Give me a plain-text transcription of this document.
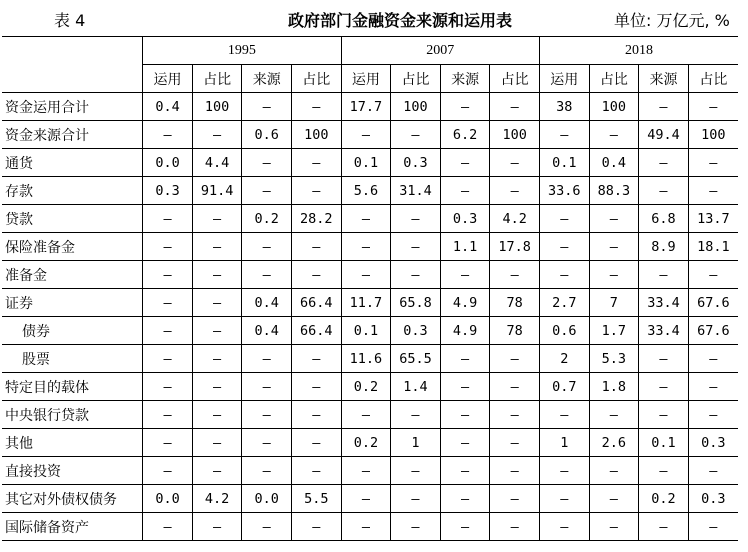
表 4	政府部门金融资金来源和运用表	单位: 万亿元, %
	1995				2007				2018			
	运用	占比	来源	占比	运用	占比	来源	占比	运用	占比	来源	占比
资金运用合计	0.4	100	–	–	17.7	100	–	–	38	100	–	–
资金来源合计	–	–	0.6	100	–	–	6.2	100	–	–	49.4	100
通货	0.0	4.4	–	–	0.1	0.3	–	–	0.1	0.4	–	–
存款	0.3	91.4	–	–	5.6	31.4	–	–	33.6	88.3	–	–
贷款	–	–	0.2	28.2	–	–	0.3	4.2	–	–	6.8	13.7
保险准备金	–	–	–	–	–	–	1.1	17.8	–	–	8.9	18.1
准备金	–	–	–	–	–	–	–	–	–	–	–	–
证券	–	–	0.4	66.4	11.7	65.8	4.9	78	2.7	7	33.4	67.6
债券	–	–	0.4	66.4	0.1	0.3	4.9	78	0.6	1.7	33.4	67.6
股票	–	–	–	–	11.6	65.5	–	–	2	5.3	–	–
特定目的载体	–	–	–	–	0.2	1.4	–	–	0.7	1.8	–	–
中央银行贷款	–	–	–	–	–	–	–	–	–	–	–	–
其他	–	–	–	–	0.2	1	–	–	1	2.6	0.1	0.3
直接投资	–	–	–	–	–	–	–	–	–	–	–	–
其它对外债权债务	0.0	4.2	0.0	5.5	–	–	–	–	–	–	0.2	0.3
国际储备资产	–	–	–	–	–	–	–	–	–	–	–	–
